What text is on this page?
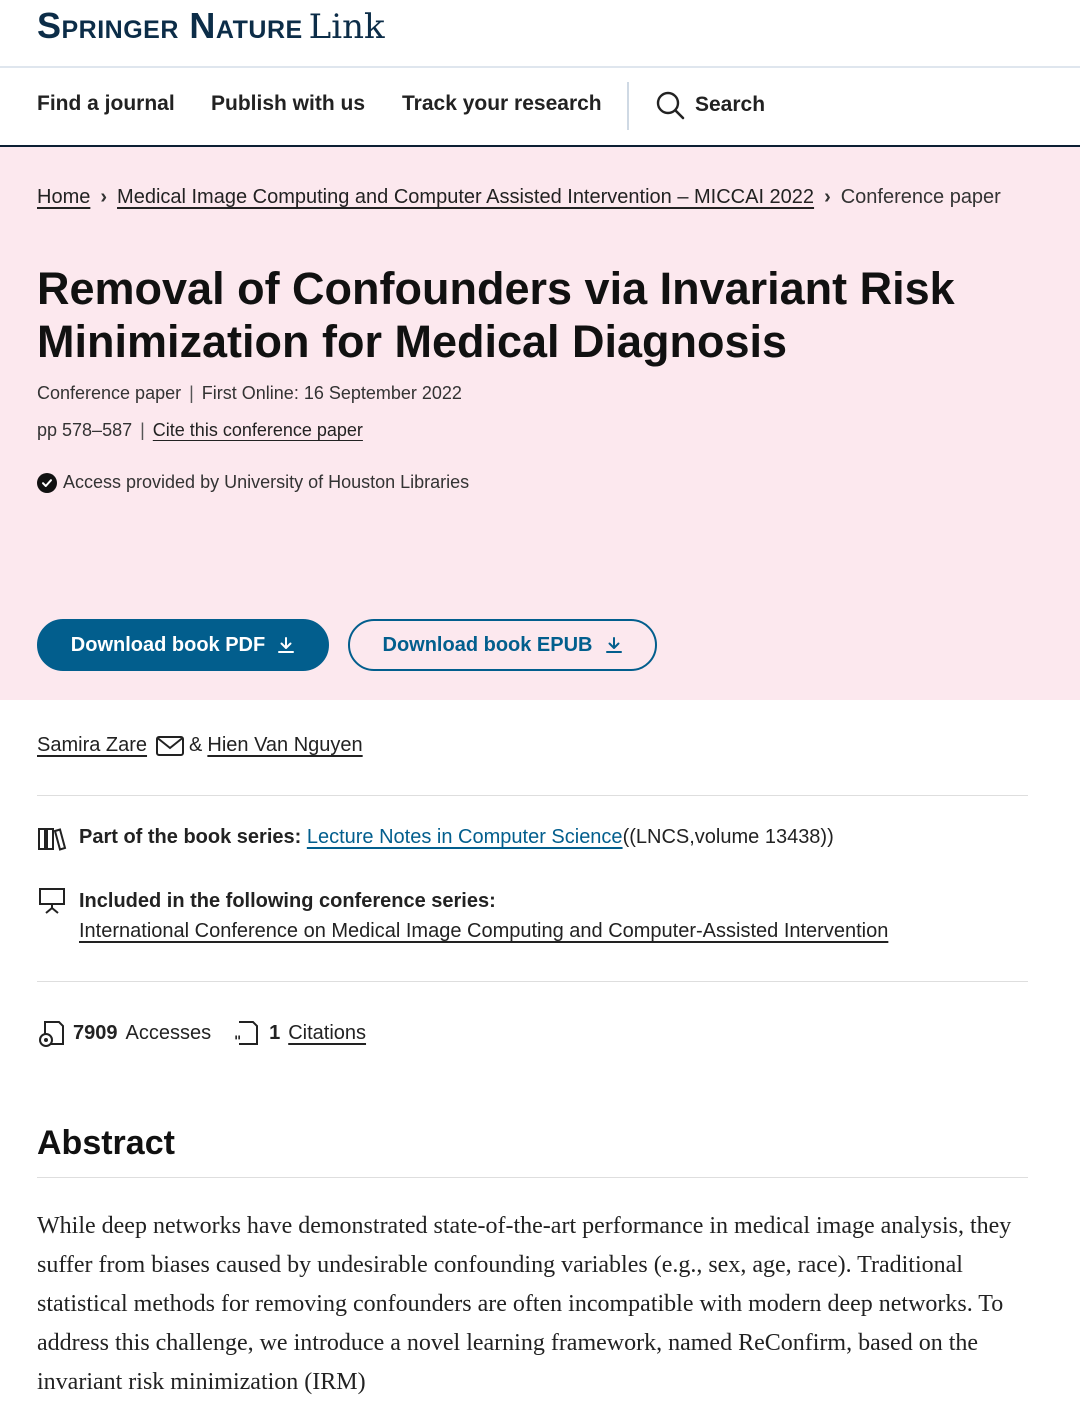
Springer Nature Link
Find a journal Publish with us Track your research	Search
Home › Medical Image Computing and Computer Assisted Intervention – MICCAI 2022 › Conference paper
Removal of Confounders via Invariant Risk Minimization for Medical Diagnosis
Conference paper | First Online: 16 September 2022
pp 578–587 | Cite this conference paper
Access provided by University of Houston Libraries
Download book PDF	Download book EPUB
Samira Zare & Hien Van Nguyen
Part of the book series: Lecture Notes in Computer Science((LNCS,volume 13438))
Included in the following conference series:
International Conference on Medical Image Computing and Computer-Assisted Intervention
7909 Accesses " 1 Citations
Abstract

While deep networks have demonstrated state-of-the-art performance in medical image analysis, they suffer from biases caused by undesirable confounding variables (e.g., sex, age, race). Traditional statistical methods for removing confounders are often incompatible with modern deep networks. To address this challenge, we introduce a novel learning framework, named ReConfirm, based on the invariant risk minimization (IRM)
